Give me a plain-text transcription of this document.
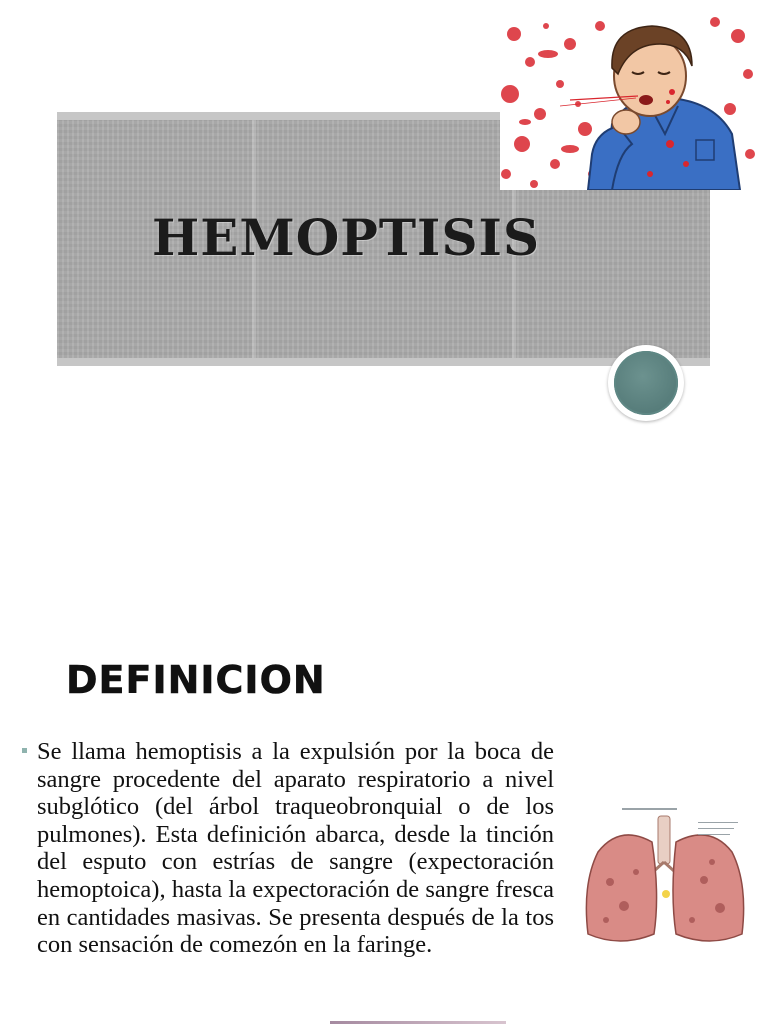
HEMOPTISIS
DEFINICION

Se llama hemoptisis a la expulsión por la boca de sangre procedente del aparato respiratorio a nivel subglótico (del árbol traqueobronquial o de los pulmones). Esta definición abarca, desde la tinción del esputo con estrías de sangre (expectoración hemoptoica), hasta la expectoración de sangre fresca en cantidades masivas. Se presenta después de la tos con sensación de comezón en la faringe.
